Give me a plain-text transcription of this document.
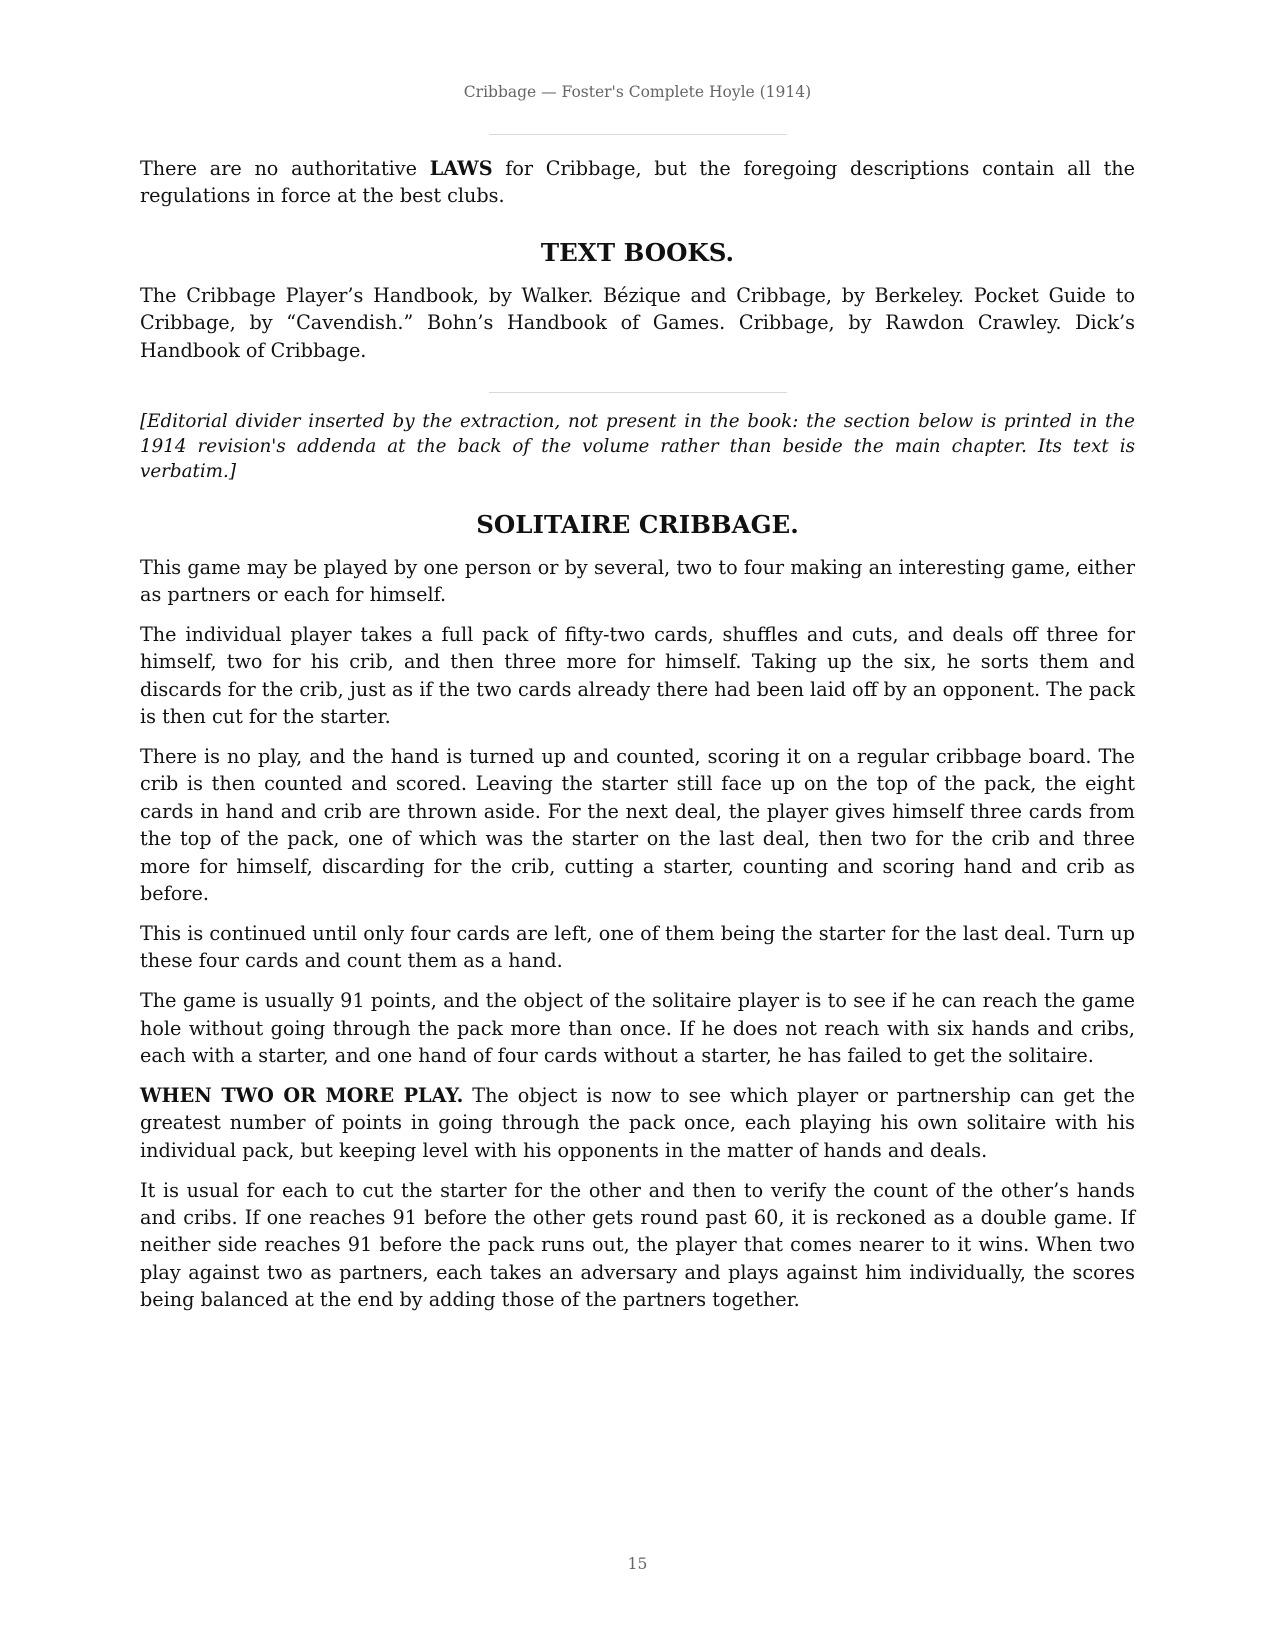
Cribbage — Foster's Complete Hoyle (1914)

There are no authoritative LAWS for Cribbage, but the foregoing descriptions contain all the regulations in force at the best clubs.

TEXT BOOKS.

The Cribbage Player’s Handbook, by Walker. Bézique and Cribbage, by Berkeley. Pocket Guide to Cribbage, by “Cavendish.” Bohn’s Handbook of Games. Cribbage, by Rawdon Crawley. Dick’s Handbook of Cribbage.

[Editorial divider inserted by the extraction, not present in the book: the section below is printed in the 1914 revision's addenda at the back of the volume rather than beside the main chapter. Its text is verbatim.]

SOLITAIRE CRIBBAGE.

This game may be played by one person or by several, two to four making an interesting game, either as partners or each for himself.

The individual player takes a full pack of fifty-two cards, shuffles and cuts, and deals off three for himself, two for his crib, and then three more for himself. Taking up the six, he sorts them and discards for the crib, just as if the two cards already there had been laid off by an opponent. The pack is then cut for the starter.

There is no play, and the hand is turned up and counted, scoring it on a regular cribbage board. The crib is then counted and scored. Leaving the starter still face up on the top of the pack, the eight cards in hand and crib are thrown aside. For the next deal, the player gives himself three cards from the top of the pack, one of which was the starter on the last deal, then two for the crib and three more for himself, discarding for the crib, cutting a starter, counting and scoring hand and crib as before.

This is continued until only four cards are left, one of them being the starter for the last deal. Turn up these four cards and count them as a hand.

The game is usually 91 points, and the object of the solitaire player is to see if he can reach the game hole without going through the pack more than once. If he does not reach with six hands and cribs, each with a starter, and one hand of four cards without a starter, he has failed to get the solitaire.

WHEN TWO OR MORE PLAY. The object is now to see which player or partnership can get the greatest number of points in going through the pack once, each playing his own solitaire with his individual pack, but keeping level with his opponents in the matter of hands and deals.

It is usual for each to cut the starter for the other and then to verify the count of the other’s hands and cribs. If one reaches 91 before the other gets round past 60, it is reckoned as a double game. If neither side reaches 91 before the pack runs out, the player that comes nearer to it wins. When two play against two as partners, each takes an adversary and plays against him individually, the scores being balanced at the end by adding those of the partners together.

15
